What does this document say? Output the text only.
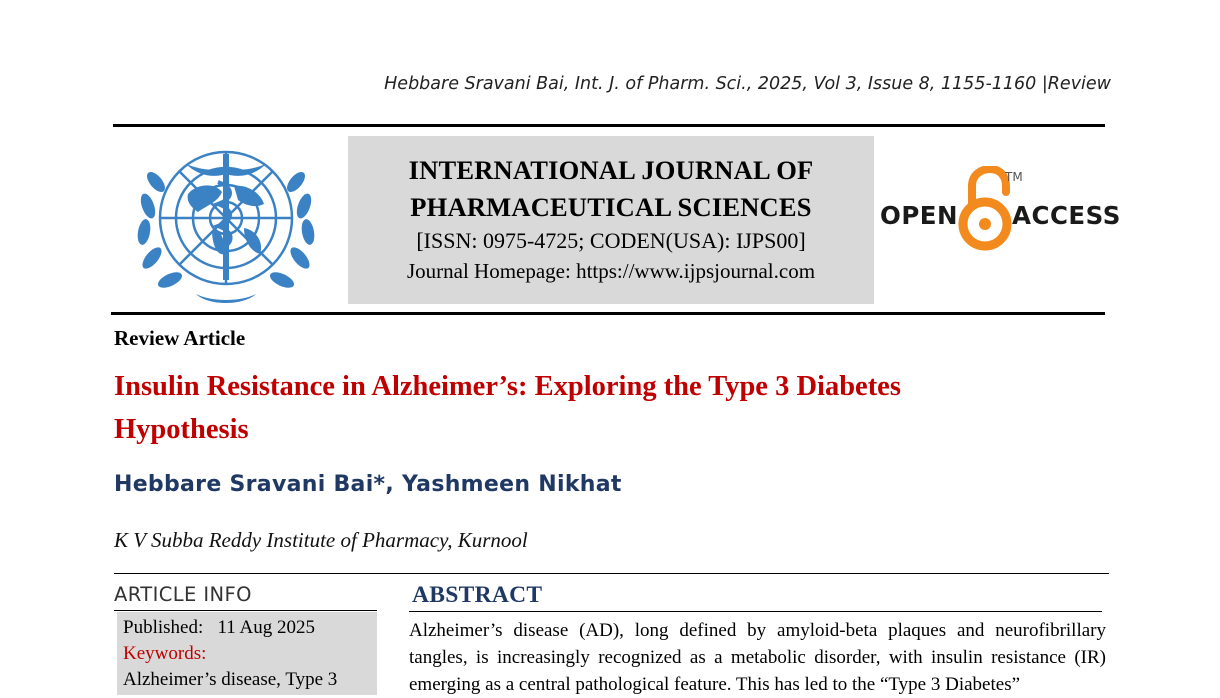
Hebbare Sravani Bai, Int. J. of Pharm. Sci., 2025, Vol 3, Issue 8, 1155-1160 |Review
INTERNATIONAL JOURNAL OF
PHARMACEUTICAL SCIENCES
[ISSN: 0975-4725; CODEN(USA): IJPS00]
Journal Homepage: https://www.ijpsjournal.com
OPEN
TM
ACCESS
Review Article
Insulin Resistance in Alzheimer’s: Exploring the Type 3 Diabetes
Hypothesis
Hebbare Sravani Bai*, Yashmeen Nikhat
K V Subba Reddy Institute of Pharmacy, Kurnool
ARTICLE INFO
Published: 11 Aug 2025
Keywords:
Alzheimer’s disease, Type 3
ABSTRACT
Alzheimer’s disease (AD), long defined by amyloid-beta plaques and neurofibrillary tangles, is increasingly recognized as a metabolic disorder, with insulin resistance (IR) emerging as a central pathological feature. This has led to the “Type 3 Diabetes”
